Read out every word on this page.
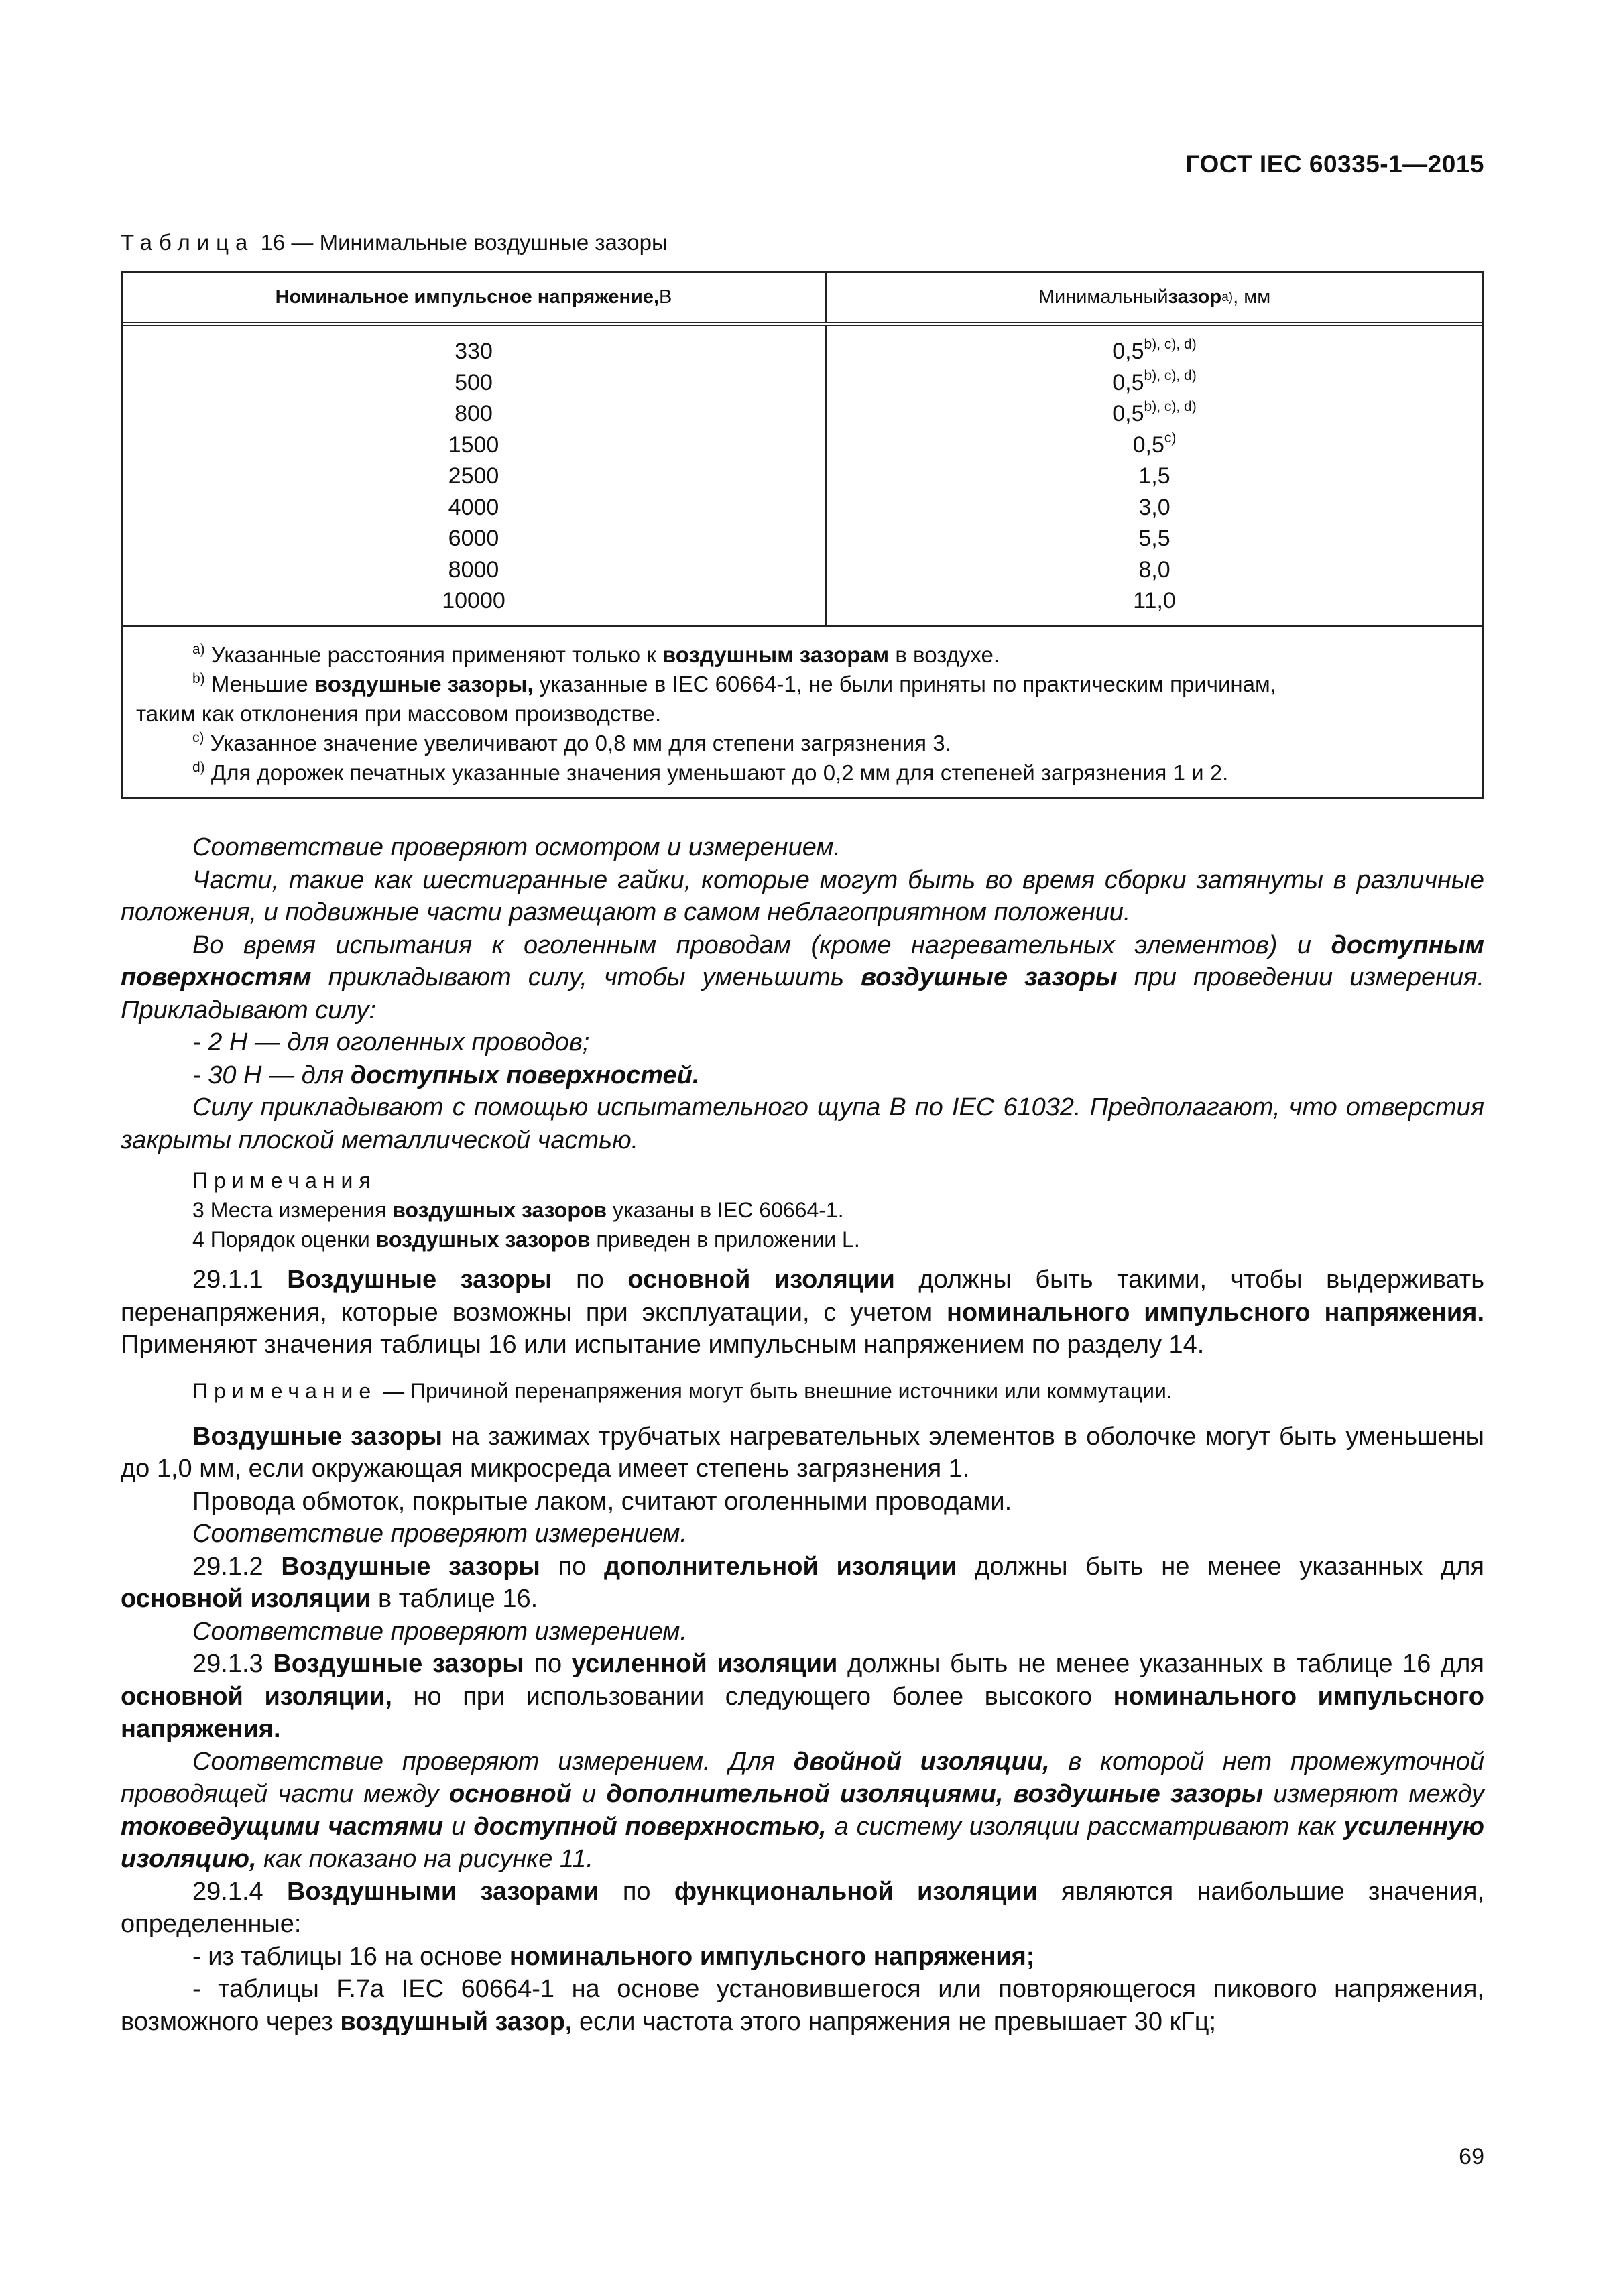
ГОСТ IEC 60335-1—2015
Таблица 16 — Минимальные воздушные зазоры
Номинальное импульсное напряжение, В	Минимальный зазор a) , мм
330
500
800
1500
2500
4000
6000
8000
10000
$0,5^{b), c), d)}$
$0,5^{b), c), d)}$
$0,5^{b), c), d)}$
0,5$^{c)}$
1,5
3,0
5,5
8,0
11,0
$^{a)}$ Указанные расстояния применяют только к воздушным зазорам в воздухе.
$^{b)}$ Меньшие воздушные зазоры, указанные в IEC 60664-1, не были приняты по практическим причинам,
таким как отклонения при массовом производстве.
$^{c)}$ Указанное значение увеличивают до 0,8 мм для степени загрязнения 3.
$^{d)}$ Для дорожек печатных указанные значения уменьшают до 0,2 мм для степеней загрязнения 1 и 2.

Соответствие проверяют осмотром и измерением.

Части, такие как шестигранные гайки, которые могут быть во время сборки затянуты в различные положения, и подвижные части размещают в самом неблагоприятном положении.

Во время испытания к оголенным проводам (кроме нагревательных элементов) и доступным поверхностям прикладывают силу, чтобы уменьшить воздушные зазоры при проведении измерения. Прикладывают силу:

- 2 Н — для оголенных проводов;

- 30 Н — для доступных поверхностей.

Силу прикладывают с помощью испытательного щупа В по IEC 61032. Предполагают, что отверстия закрыты плоской металлической частью.

Примечания

3 Места измерения воздушных зазоров указаны в IEC 60664-1.

4 Порядок оценки воздушных зазоров приведен в приложении L.

29.1.1 Воздушные зазоры по основной изоляции должны быть такими, чтобы выдерживать перенапряжения, которые возможны при эксплуатации, с учетом номинального импульсного напряжения. Применяют значения таблицы 16 или испытание импульсным напряжением по разделу 14.

Примечание — Причиной перенапряжения могут быть внешние источники или коммутации.

Воздушные зазоры на зажимах трубчатых нагревательных элементов в оболочке могут быть уменьшены до 1,0 мм, если окружающая микросреда имеет степень загрязнения 1.

Провода обмоток, покрытые лаком, считают оголенными проводами.

Соответствие проверяют измерением.

29.1.2 Воздушные зазоры по дополнительной изоляции должны быть не менее указанных для основной изоляции в таблице 16.

Соответствие проверяют измерением.

29.1.3 Воздушные зазоры по усиленной изоляции должны быть не менее указанных в таблице 16 для основной изоляции, но при использовании следующего более высокого номинального импульсного напряжения.

Соответствие проверяют измерением. Для двойной изоляции, в которой нет промежуточной проводящей части между основной и дополнительной изоляциями, воздушные зазоры измеряют между токоведущими частями и доступной поверхностью, а систему изоляции рассматривают как усиленную изоляцию, как показано на рисунке 11.

29.1.4 Воздушными зазорами по функциональной изоляции являются наибольшие значения, определенные:

- из таблицы 16 на основе номинального импульсного напряжения;

- таблицы F.7a IEC 60664-1 на основе установившегося или повторяющегося пикового напряжения, возможного через воздушный зазор, если частота этого напряжения не превышает 30 кГц;

69
